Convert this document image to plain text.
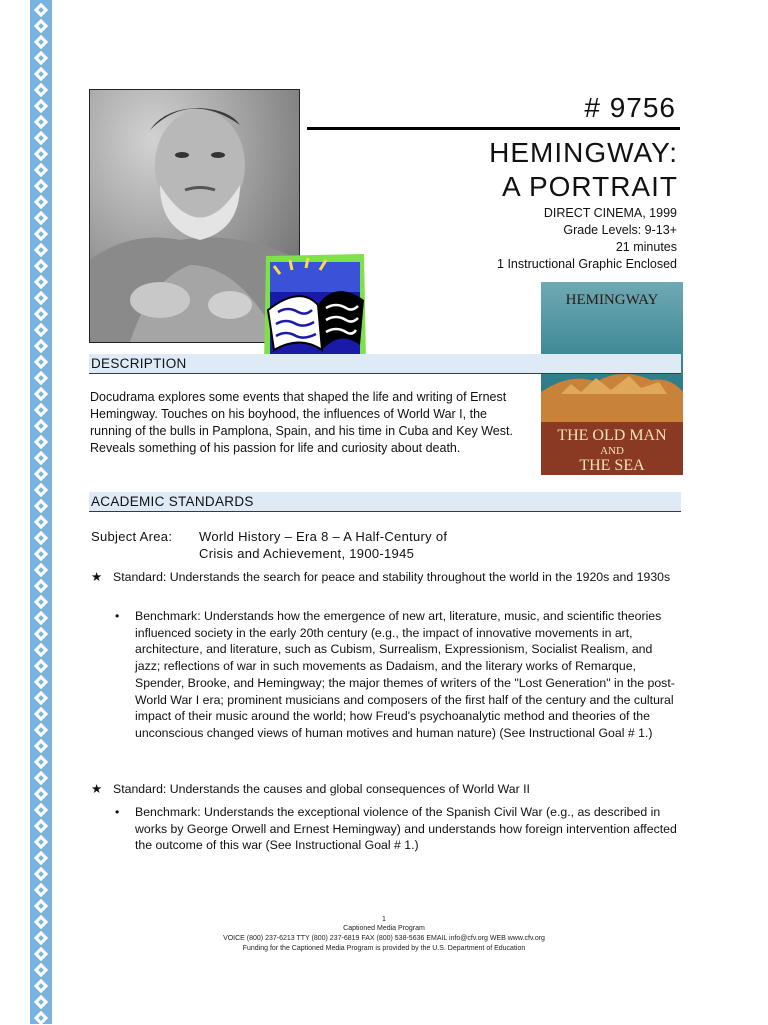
# 9756
HEMINGWAY:
A PORTRAIT
DIRECT CINEMA, 1999
Grade Levels: 9-13+
21 minutes
1 Instructional Graphic Enclosed
HEMINGWAY
THE OLD MAN
AND
THE SEA
DESCRIPTION
Docudrama explores some events that shaped the life and writing of Ernest Hemingway. Touches on his boyhood, the influences of World War I, the running of the bulls in Pamplona, Spain, and his time in Cuba and Key West. Reveals something of his passion for life and curiosity about death.
ACADEMIC STANDARDS
Subject Area: World History – Era 8 – A Half-Century of
Crisis and Achievement, 1900-1945
★ Standard: Understands the search for peace and stability throughout the world in the 1920s and 1930s
• Benchmark: Understands how the emergence of new art, literature, music, and scientific theories influenced society in the early 20th century (e.g., the impact of innovative movements in art, architecture, and literature, such as Cubism, Surrealism, Expressionism, Socialist Realism, and jazz; reflections of war in such movements as Dadaism, and the literary works of Remarque, Spender, Brooke, and Hemingway; the major themes of writers of the "Lost Generation" in the post-World War I era; prominent musicians and composers of the first half of the century and the cultural impact of their music around the world; how Freud's psychoanalytic method and theories of the unconscious changed views of human motives and human nature) (See Instructional Goal # 1.)
★ Standard: Understands the causes and global consequences of World War II
• Benchmark: Understands the exceptional violence of the Spanish Civil War (e.g., as described in works by George Orwell and Ernest Hemingway) and understands how foreign intervention affected the outcome of this war (See Instructional Goal # 1.)
1
Captioned Media Program
VOICE (800) 237-6213 TTY (800) 237-6819 FAX (800) 538-5636 EMAIL info@cfv.org WEB www.cfv.org
Funding for the Captioned Media Program is provided by the U.S. Department of Education
